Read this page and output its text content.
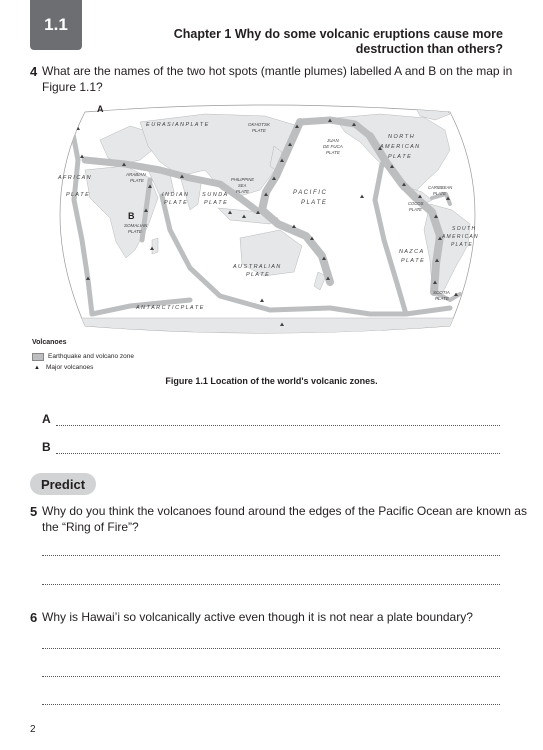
1.1	Chapter 1 Why do some volcanic eruptions cause more
destruction than others?
4 What are the names of the two hot spots (mantle plumes) labelled A and B on the map in
Figure 1.1?
A
B
E U R A S I A N P L A T E	OKHOTSK
PLATE
N O R T H
A M E R I C A N
P L A T E
JUAN
DE FUCA
PLATE
A F R I C A N
P L A T E
ARABIAN
PLATE
I N D I A N
P L A T E
S U N D A
P L A T E
PHILIPPINE
SEA
PLATE	P A C I F I C
P L A T E
CARIBBEAN
PLATE
COCOS
PLATE
SOMALIAN
PLATE	S O U T H
A M E R I C A N
P L A T E
N A Z C A
P L A T E
A U S T R A L I A N
P L A T E
SCOTIA
PLATE
A N T A R C T I C P L A T E
Volcanoes
Earthquake and volcano zone
▲ Major volcanoes
Figure 1.1 Location of the world's volcanic zones.
A
B
Predict
5 Why do you think the volcanoes found around the edges of the Pacific Ocean are known as
the “Ring of Fire”?
6 Why is Hawai’i so volcanically active even though it is not near a plate boundary?
2
